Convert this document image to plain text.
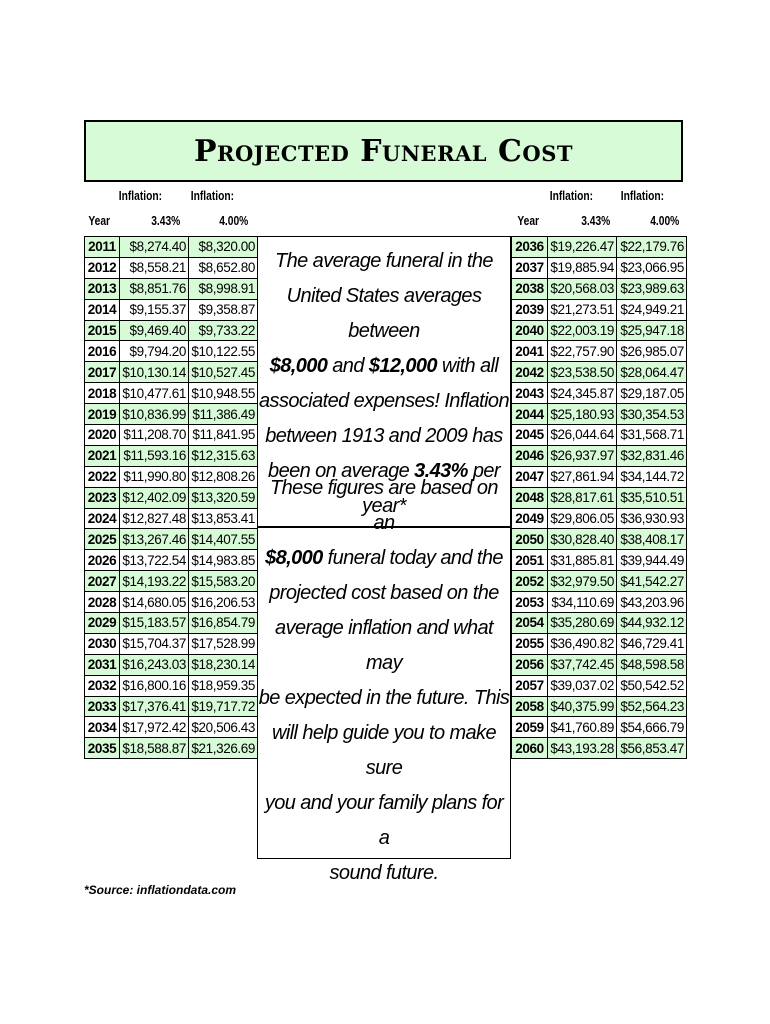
Projected Funeral Cost
Inflation: Inflation:
Year	3.43%	4.00%
Inflation: Inflation:
Year	3.43%	4.00%
2011	$8,274.40	$8,320.00
2012	$8,558.21	$8,652.80
2013	$8,851.76	$8,998.91
2014	$9,155.37	$9,358.87
2015	$9,469.40	$9,733.22
2016	$9,794.20	$10,122.55
2017	$10,130.14	$10,527.45
2018	$10,477.61	$10,948.55
2019	$10,836.99	$11,386.49
2020	$11,208.70	$11,841.95
2021	$11,593.16	$12,315.63
2022	$11,990.80	$12,808.26
2023	$12,402.09	$13,320.59
2024	$12,827.48	$13,853.41
2025	$13,267.46	$14,407.55
2026	$13,722.54	$14,983.85
2027	$14,193.22	$15,583.20
2028	$14,680.05	$16,206.53
2029	$15,183.57	$16,854.79
2030	$15,704.37	$17,528.99
2031	$16,243.03	$18,230.14
2032	$16,800.16	$18,959.35
2033	$17,376.41	$19,717.72
2034	$17,972.42	$20,506.43
2035	$18,588.87	$21,326.69
2036	$19,226.47	$22,179.76
2037	$19,885.94	$23,066.95
2038	$20,568.03	$23,989.63
2039	$21,273.51	$24,949.21
2040	$22,003.19	$25,947.18
2041	$22,757.90	$26,985.07
2042	$23,538.50	$28,064.47
2043	$24,345.87	$29,187.05
2044	$25,180.93	$30,354.53
2045	$26,044.64	$31,568.71
2046	$26,937.97	$32,831.46
2047	$27,861.94	$34,144.72
2048	$28,817.61	$35,510.51
2049	$29,806.05	$36,930.93
2050	$30,828.40	$38,408.17
2051	$31,885.81	$39,944.49
2052	$32,979.50	$41,542.27
2053	$34,110.69	$43,203.96
2054	$35,280.69	$44,932.12
2055	$36,490.82	$46,729.41
2056	$37,742.45	$48,598.58
2057	$39,037.02	$50,542.52
2058	$40,375.99	$52,564.23
2059	$41,760.89	$54,666.79
2060	$43,193.28	$56,853.47
The average funeral in the
United States averages between
$8,000 and $12,000 with all
associated expenses! Inflation
between 1913 and 2009 has
been on average 3.43% per
year*
These figures are based on an
$8,000 funeral today and the
projected cost based on the
average inflation and what may
be expected in the future. This
will help guide you to make sure
you and your family plans for a
sound future.
*Source: inflationdata.com
